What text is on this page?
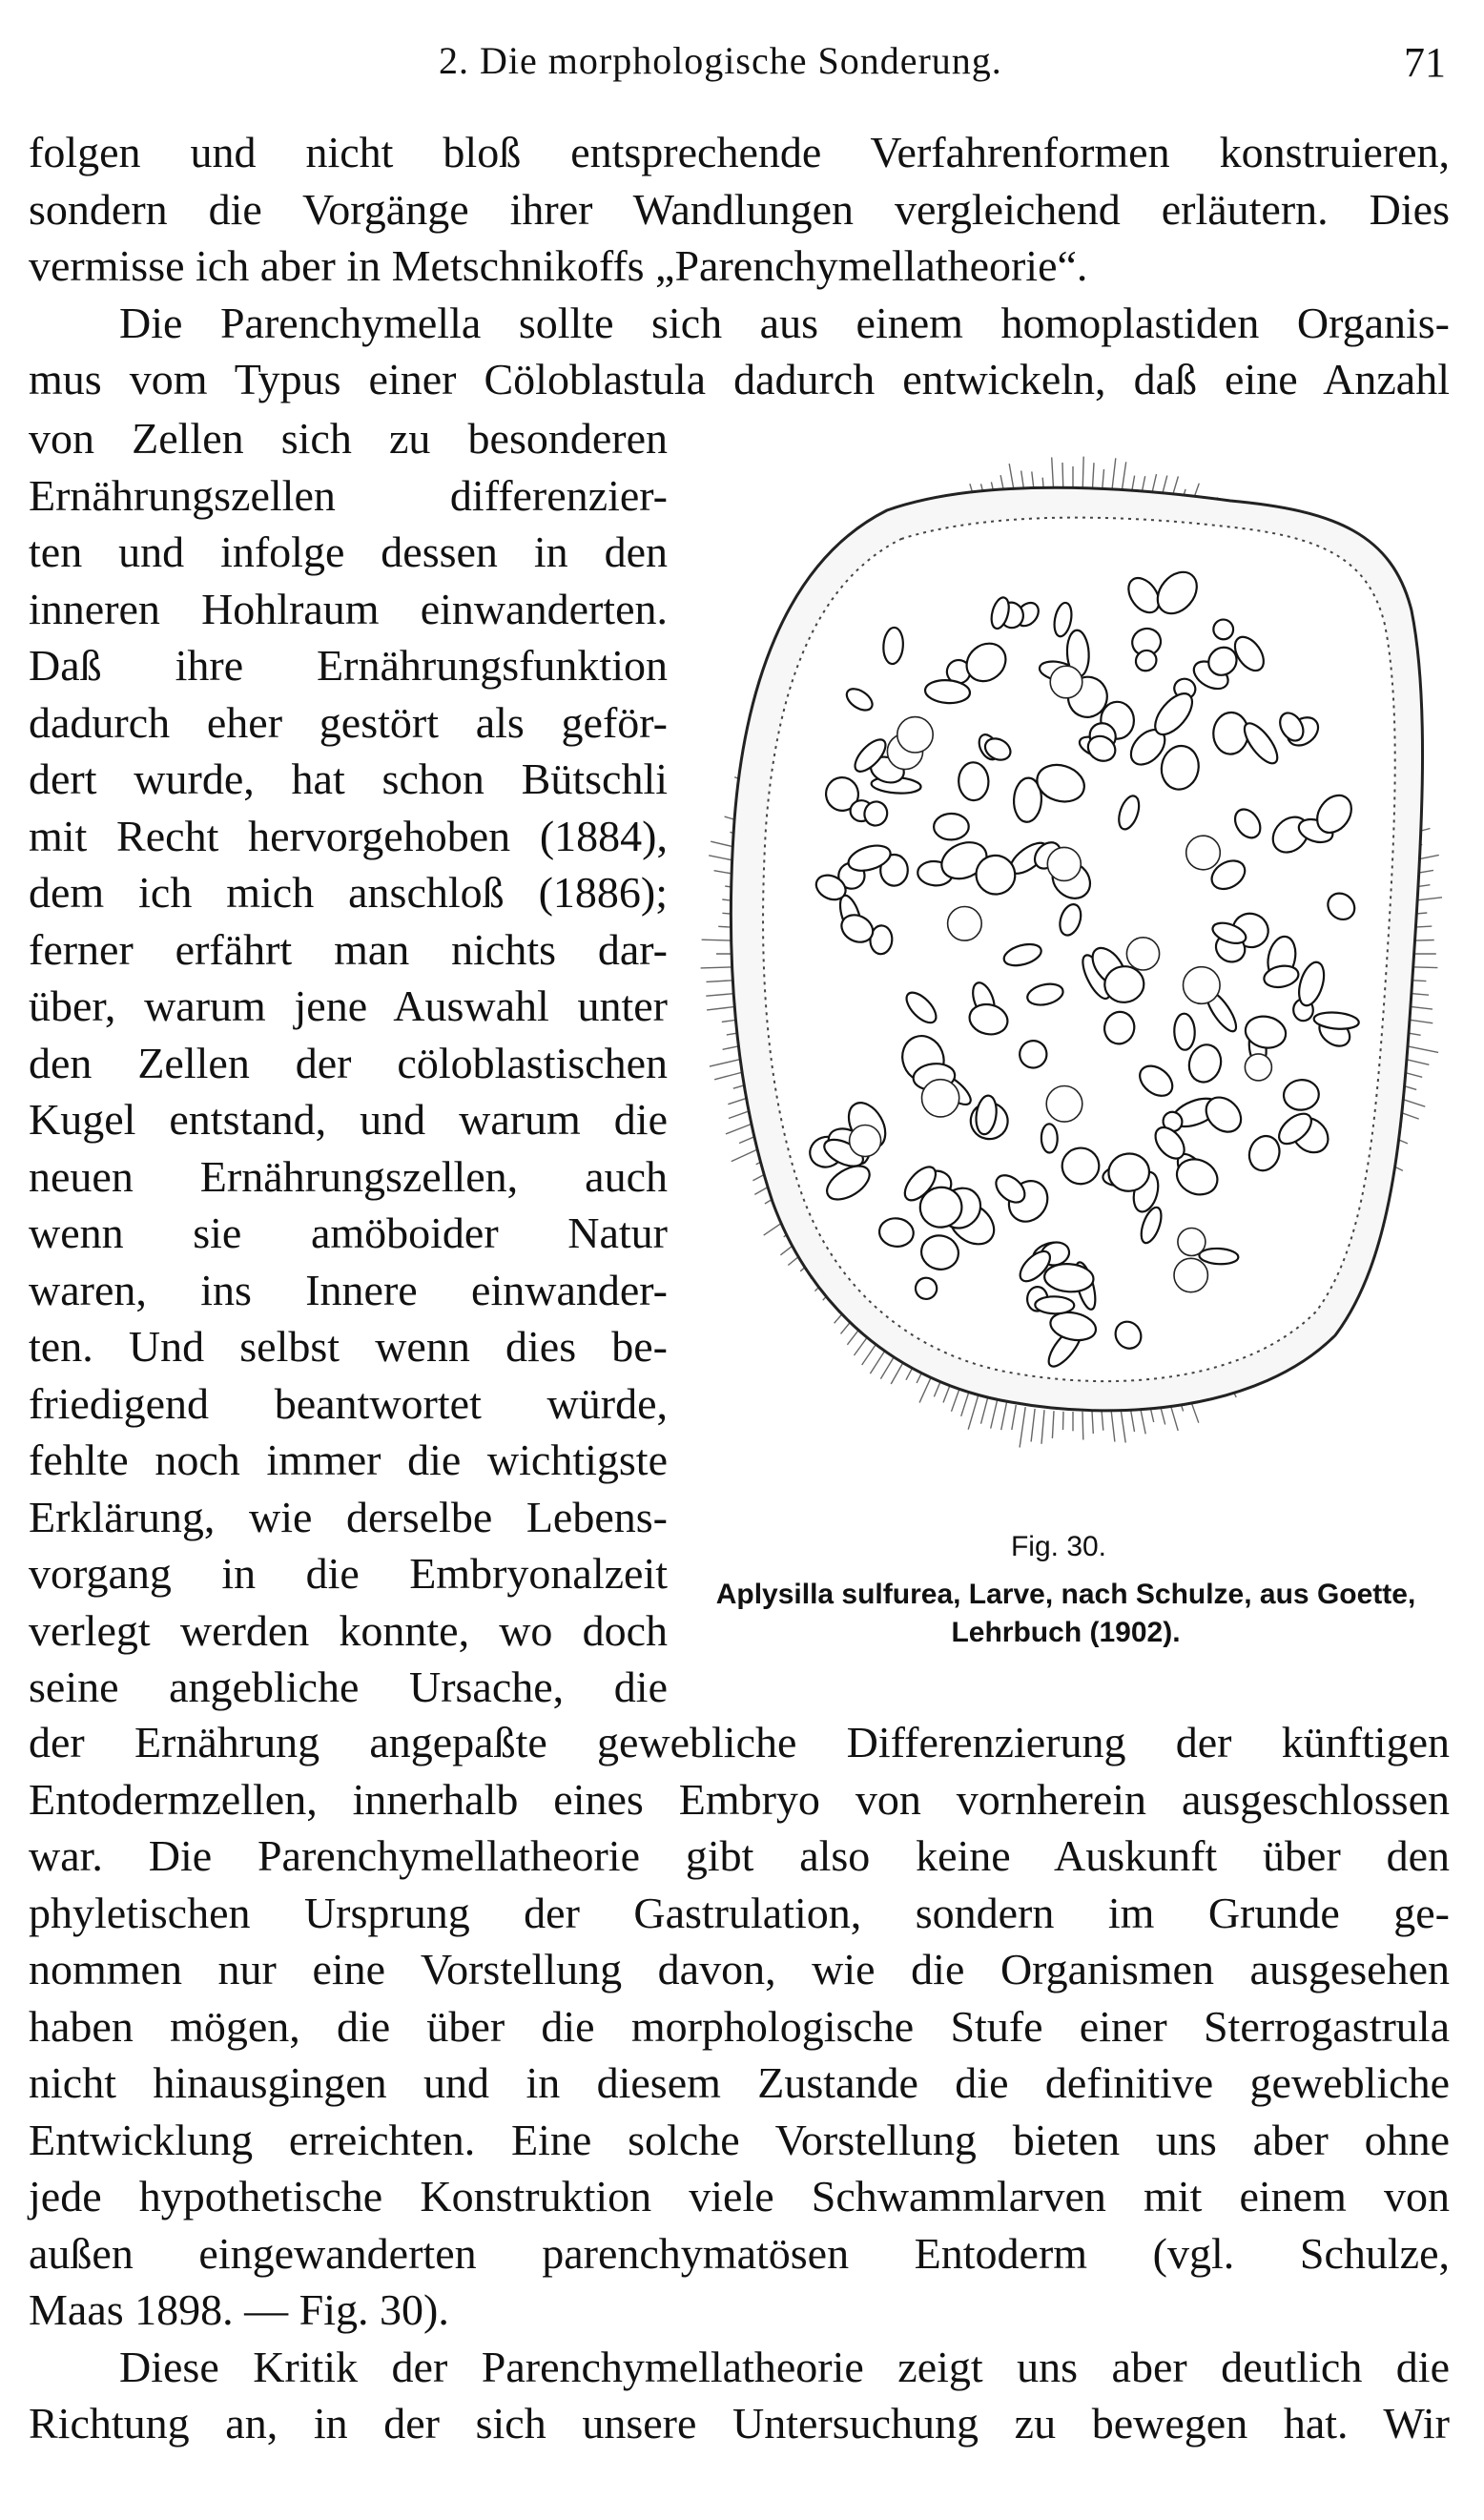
2. Die morphologische Sonderung.	71
folgen und nicht bloß entsprechende Verfahrenformen konstruieren,
sondern die Vorgänge ihrer Wandlungen vergleichend erläutern. Dies
vermisse ich aber in Metschnikoffs „Parenchymellatheorie“.
Die Parenchymella sollte sich aus einem homoplastiden Organis-
mus vom Typus einer Cöloblastula dadurch entwickeln, daß eine Anzahl
von Zellen sich zu besonderen
Ernährungszellen differenzier-
ten und infolge dessen in den
inneren Hohlraum einwanderten.
Daß ihre Ernährungsfunktion
dadurch eher gestört als geför-
dert wurde, hat schon Bütschli
mit Recht hervorgehoben (1884),
dem ich mich anschloß (1886);
ferner erfährt man nichts dar-
über, warum jene Auswahl unter
den Zellen der cöloblastischen
Kugel entstand, und warum die
neuen Ernährungszellen, auch
wenn sie amöboider Natur
waren, ins Innere einwander-
ten. Und selbst wenn dies be-
friedigend beantwortet würde,
fehlte noch immer die wichtigste
Erklärung, wie derselbe Lebens-
vorgang in die Embryonalzeit
verlegt werden konnte, wo doch
seine angebliche Ursache, die
Fig. 30.
Aplysilla sulfurea, Larve, nach Schulze, aus Goette, Lehrbuch (1902).
der Ernährung angepaßte gewebliche Differenzierung der künftigen
Entodermzellen, innerhalb eines Embryo von vornherein ausgeschlossen
war. Die Parenchymellatheorie gibt also keine Auskunft über den
phyletischen Ursprung der Gastrulation, sondern im Grunde ge-
nommen nur eine Vorstellung davon, wie die Organismen ausgesehen
haben mögen, die über die morphologische Stufe einer Sterrogastrula
nicht hinausgingen und in diesem Zustande die definitive gewebliche
Entwicklung erreichten. Eine solche Vorstellung bieten uns aber ohne
jede hypothetische Konstruktion viele Schwammlarven mit einem von
außen eingewanderten parenchymatösen Entoderm (vgl. Schulze,
Maas 1898. — Fig. 30).
Diese Kritik der Parenchymellatheorie zeigt uns aber deutlich die
Richtung an, in der sich unsere Untersuchung zu bewegen hat. Wir
